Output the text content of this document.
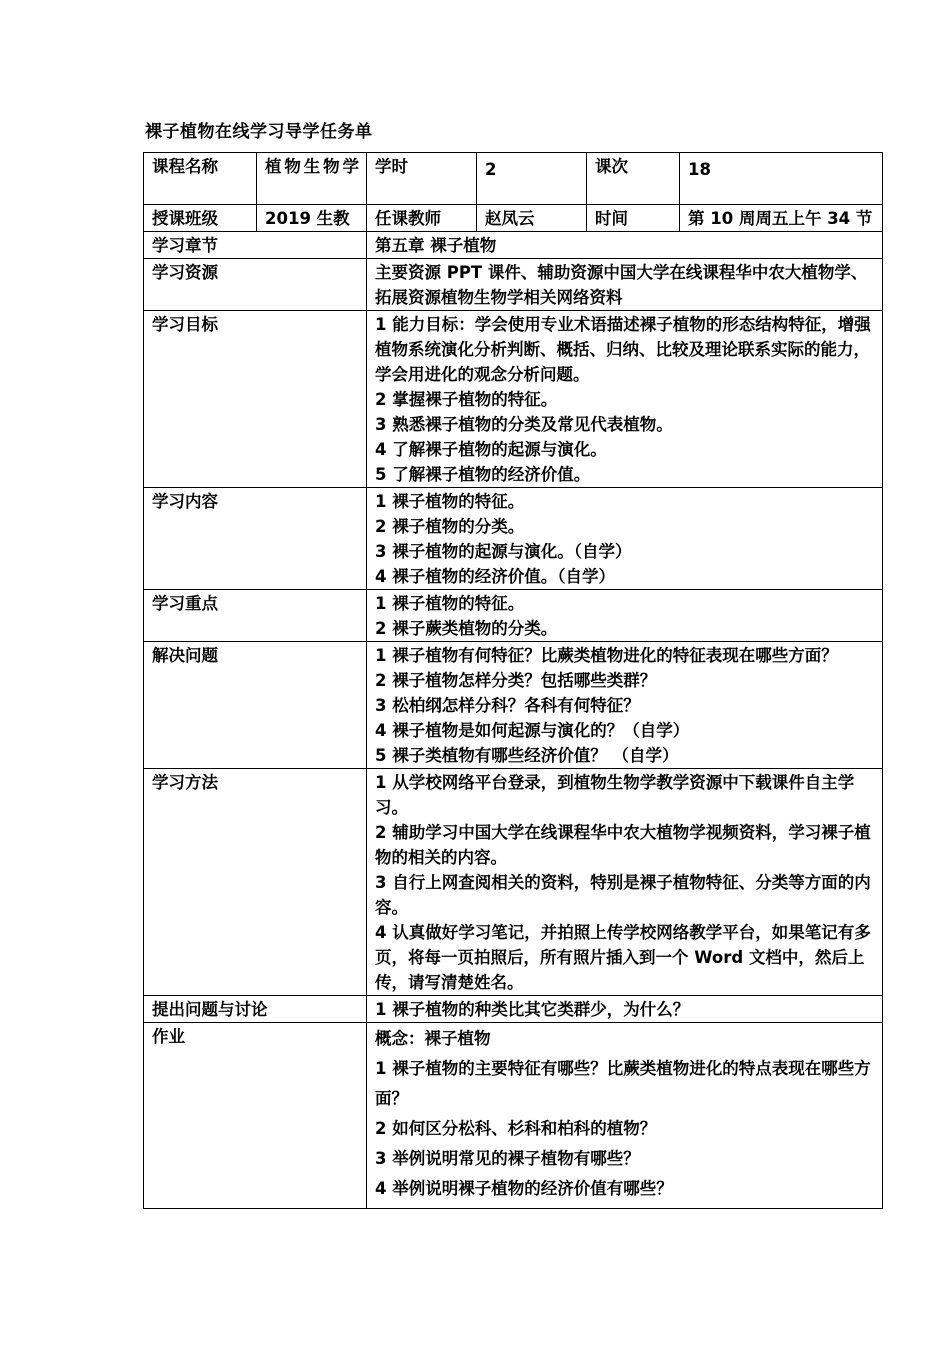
裸子植物在线学习导学任务单
课程名称	植物生物学	学时	2	课次	18
授课班级	2019 生教	任课教师	赵凤云	时间	第 10 周周五上午 34 节
学习章节		第五章 裸子植物			
学习资源		主要资源 PPT 课件、辅助资源中国大学在线课程华中农大植物学、拓展资源植物生物学相关网络资料			
学习目标		1 能力目标：学会使用专业术语描述裸子植物的形态结构特征，增强植物系统演化分析判断、概括、归纳、比较及理论联系实际的能力，学会用进化的观念分析问题。
2 掌握裸子植物的特征。
3 熟悉裸子植物的分类及常见代表植物。
4 了解裸子植物的起源与演化。
5 了解裸子植物的经济价值。			

学习内容		1 裸子植物的特征。
2 裸子植物的分类。
3 裸子植物的起源与演化。（自学）
4 裸子植物的经济价值。（自学）			

学习重点		1 裸子植物的特征。
2 裸子蕨类植物的分类。			

解决问题		1 裸子植物有何特征？比蕨类植物进化的特征表现在哪些方面？
2 裸子植物怎样分类？包括哪些类群？
3 松柏纲怎样分科？各科有何特征？
4 裸子植物是如何起源与演化的？（自学）
5 裸子类植物有哪些经济价值？ （自学）			

学习方法		1 从学校网络平台登录，到植物生物学教学资源中下载课件自主学习。
2 辅助学习中国大学在线课程华中农大植物学视频资料，学习裸子植物的相关的内容。
3 自行上网查阅相关的资料，特别是裸子植物特征、分类等方面的内容。
4 认真做好学习笔记，并拍照上传学校网络教学平台，如果笔记有多页，将每一页拍照后，所有照片插入到一个 Word 文档中，然后上传，请写清楚姓名。			

提出问题与讨论		1 裸子植物的种类比其它类群少，为什么？			
作业		概念：裸子植物
1 裸子植物的主要特征有哪些？比蕨类植物进化的特点表现在哪些方面？
2 如何区分松科、杉科和柏科的植物？
3 举例说明常见的裸子植物有哪些？
4 举例说明裸子植物的经济价值有哪些？			
